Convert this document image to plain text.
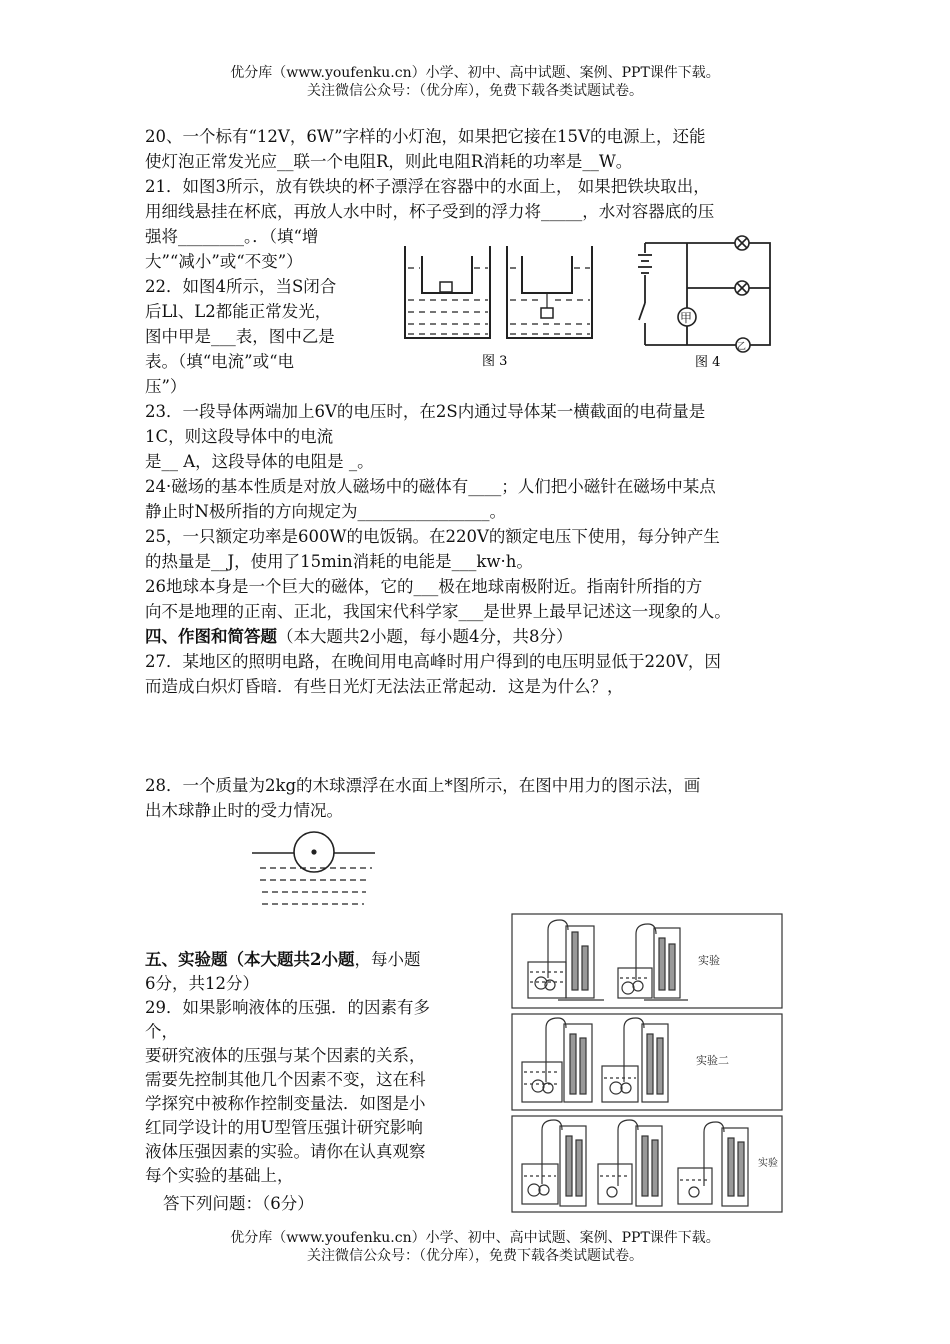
优分库（www.youfenku.cn）小学、初中、高中试题、案例、PPT课件下载。
关注微信公众号：（优分库），免费下载各类试题试卷。
20、一个标有“12V，6W”字样的小灯泡，如果把它接在15V的电源上，还能
使灯泡正常发光应__联一个电阻R，则此电阻R消耗的功率是__W。
21．如图3所示，放有铁块的杯子漂浮在容器中的水面上， 如果把铁块取出，
用细线悬挂在杯底，再放人水中时，杯子受到的浮力将_____，水对容器底的压
强将________。．（填“增
大”“减小”或“不变”）
22．如图4所示，当S闭合
后Ll、L2都能正常发光，
图中甲是___表，图中乙是
表。（填“电流”或“电
压”）
图 3
甲
乙
图 4
23．一段导体两端加上6V的电压时，在2S内通过导体某一横截面的电荷量是
1C，则这段导体中的电流
是__ A，这段导体的电阻是 _。
24·磁场的基本性质是对放人磁场中的磁体有____；人们把小磁针在磁场中某点
静止时N极所指的方向规定为________________。
25，一只额定功率是600W的电饭锅。在220V的额定电压下使用，每分钟产生
的热量是__J，使用了15min消耗的电能是___kw·h。
26地球本身是一个巨大的磁体，它的___极在地球南极附近。指南针所指的方
向不是地理的正南、正北，我国宋代科学家___是世界上最早记述这一现象的人。
四、作图和简答题（本大题共2小题，每小题4分，共8分）
27．某地区的照明电路，在晚间用电高峰时用户得到的电压明显低于220V，因
而造成白炽灯昏暗．有些日光灯无法法正常起动．这是为什么？，
28．一个质量为2kg的木球漂浮在水面上*图所示，在图中用力的图示法，画
出木球静止时的受力情况。
五、实验题（本大题共2小题，每小题
6分，共12分）
29．如果影响液体的压强．的因素有多
个，
要研究液体的压强与某个因素的关系，
需要先控制其他几个因素不变，这在科
学探究中被称作控制变量法．如图是小
红同学设计的用U型管压强计研究影响
液体压强因素的实验。请你在认真观察
每个实验的基础上，
答下列问题：（6分）
实验
实验二
实验
优分库（www.youfenku.cn）小学、初中、高中试题、案例、PPT课件下载。
关注微信公众号：（优分库），免费下载各类试题试卷。
